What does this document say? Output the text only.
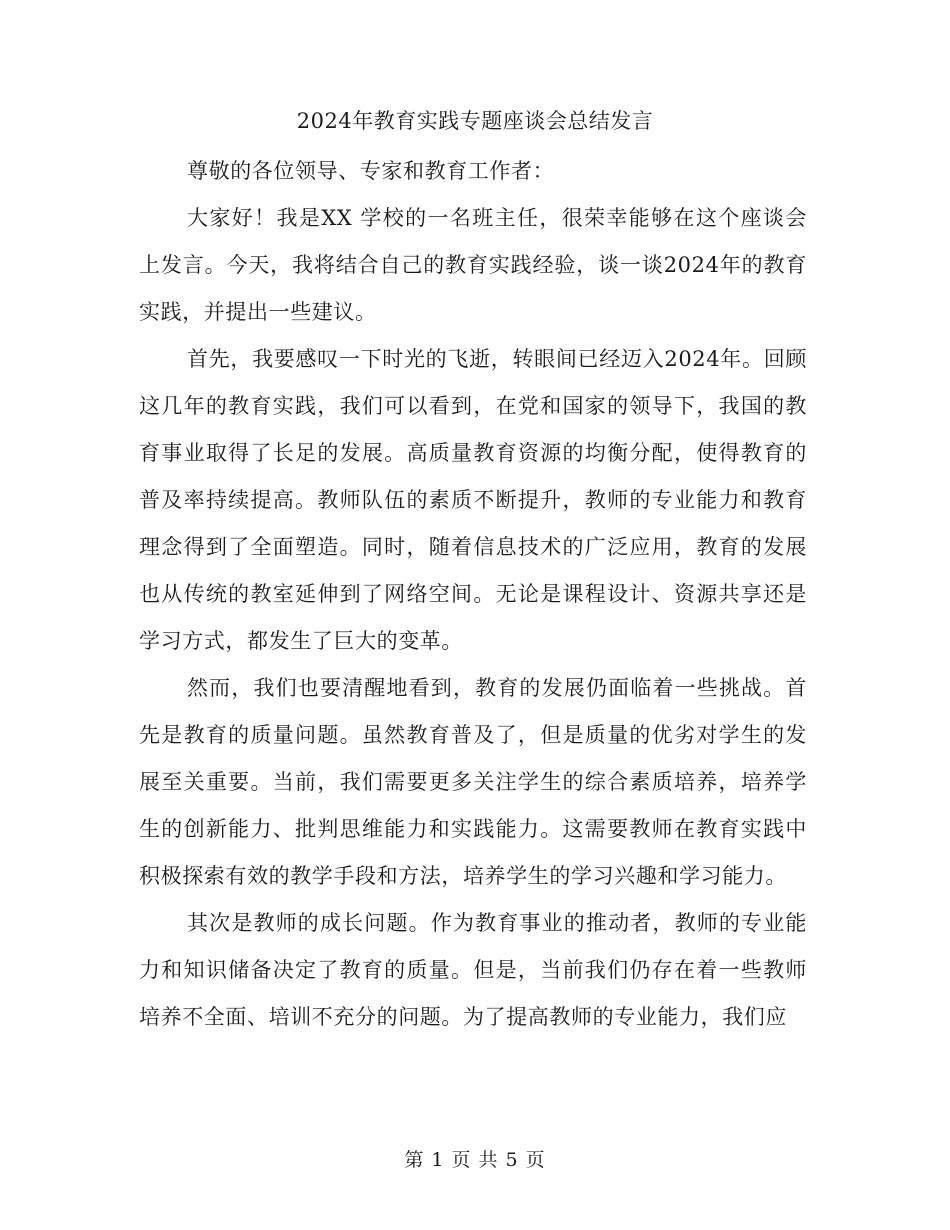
2024年教育实践专题座谈会总结发言

尊敬的各位领导、专家和教育工作者：

大家好！我是XX 学校的一名班主任，很荣幸能够在这个座谈会上发言。今天，我将结合自己的教育实践经验，谈一谈2024年的教育实践，并提出一些建议。

首先，我要感叹一下时光的飞逝，转眼间已经迈入2024年。回顾这几年的教育实践，我们可以看到，在党和国家的领导下，我国的教育事业取得了长足的发展。高质量教育资源的均衡分配，使得教育的普及率持续提高。教师队伍的素质不断提升，教师的专业能力和教育理念得到了全面塑造。同时，随着信息技术的广泛应用，教育的发展也从传统的教室延伸到了网络空间。无论是课程设计、资源共享还是学习方式，都发生了巨大的变革。

然而，我们也要清醒地看到，教育的发展仍面临着一些挑战。首先是教育的质量问题。虽然教育普及了，但是质量的优劣对学生的发展至关重要。当前，我们需要更多关注学生的综合素质培养，培养学生的创新能力、批判思维能力和实践能力。这需要教师在教育实践中积极探索有效的教学手段和方法，培养学生的学习兴趣和学习能力。

其次是教师的成长问题。作为教育事业的推动者，教师的专业能力和知识储备决定了教育的质量。但是，当前我们仍存在着一些教师培养不全面、培训不充分的问题。为了提高教师的专业能力，我们应

第 1 页 共 5 页
